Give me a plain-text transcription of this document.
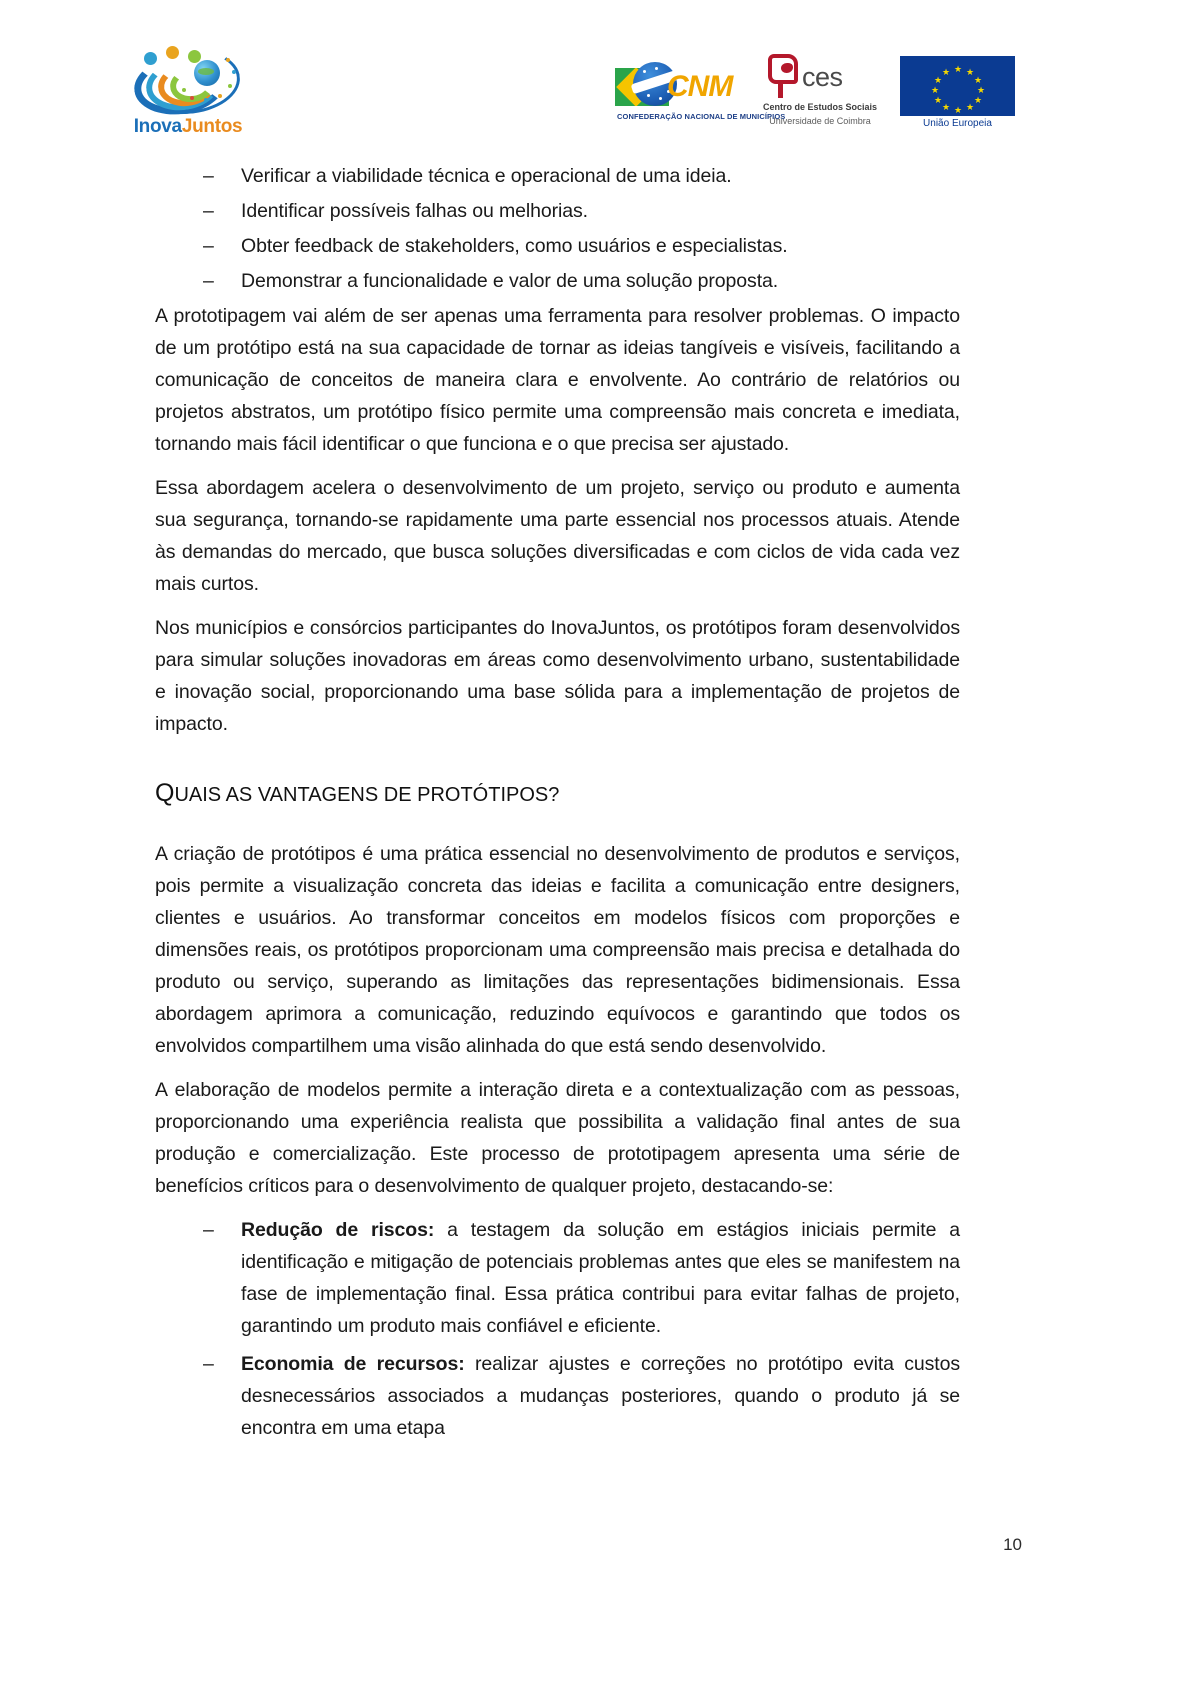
InovaJuntos
CNM
CONFEDERAÇÃO NACIONAL DE MUNICÍPIOS
ces
Centro de Estudos Sociais
Universidade de Coimbra
★ ★
★
★
★
★
★
★
★
★
★
★
União Europeia
– Verificar a viabilidade técnica e operacional de uma ideia.
– Identificar possíveis falhas ou melhorias.
– Obter feedback de stakeholders, como usuários e especialistas.
– Demonstrar a funcionalidade e valor de uma solução proposta.

A prototipagem vai além de ser apenas uma ferramenta para resolver problemas. O impacto de um protótipo está na sua capacidade de tornar as ideias tangíveis e visíveis, facilitando a comunicação de conceitos de maneira clara e envolvente. Ao contrário de relatórios ou projetos abstratos, um protótipo físico permite uma compreensão mais concreta e imediata, tornando mais fácil identificar o que funciona e o que precisa ser ajustado.

Essa abordagem acelera o desenvolvimento de um projeto, serviço ou produto e aumenta sua segurança, tornando-se rapidamente uma parte essencial nos processos atuais. Atende às demandas do mercado, que busca soluções diversificadas e com ciclos de vida cada vez mais curtos.

Nos municípios e consórcios participantes do InovaJuntos, os protótipos foram desenvolvidos para simular soluções inovadoras em áreas como desenvolvimento urbano, sustentabilidade e inovação social, proporcionando uma base sólida para a implementação de projetos de impacto.

QUAIS AS VANTAGENS DE PROTÓTIPOS?

A criação de protótipos é uma prática essencial no desenvolvimento de produtos e serviços, pois permite a visualização concreta das ideias e facilita a comunicação entre designers, clientes e usuários. Ao transformar conceitos em modelos físicos com proporções e dimensões reais, os protótipos proporcionam uma compreensão mais precisa e detalhada do produto ou serviço, superando as limitações das representações bidimensionais. Essa abordagem aprimora a comunicação, reduzindo equívocos e garantindo que todos os envolvidos compartilhem uma visão alinhada do que está sendo desenvolvido.

A elaboração de modelos permite a interação direta e a contextualização com as pessoas, proporcionando uma experiência realista que possibilita a validação final antes de sua produção e comercialização. Este processo de prototipagem apresenta uma série de benefícios críticos para o desenvolvimento de qualquer projeto, destacando-se:

– Redução de riscos: a testagem da solução em estágios iniciais permite a identificação e mitigação de potenciais problemas antes que eles se manifestem na fase de implementação final. Essa prática contribui para evitar falhas de projeto, garantindo um produto mais confiável e eficiente.
– Economia de recursos: realizar ajustes e correções no protótipo evita custos desnecessários associados a mudanças posteriores, quando o produto já se encontra em uma etapa
10
